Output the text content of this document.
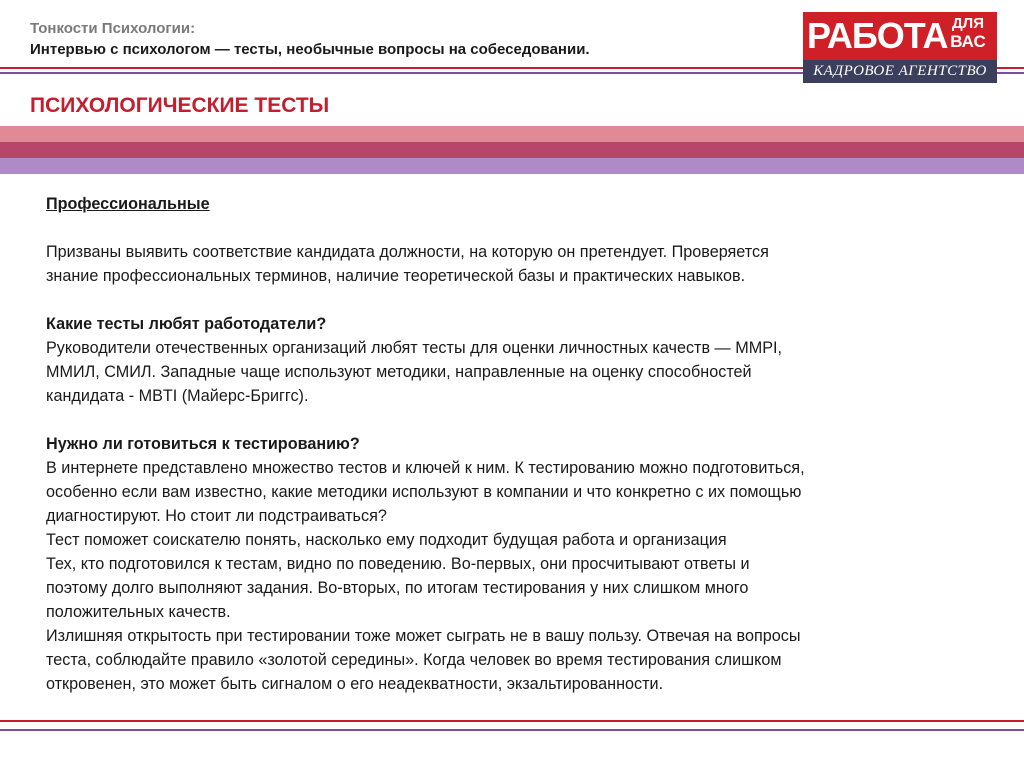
Тонкости Психологии:
Интервью с психологом — тесты, необычные вопросы на собеседовании.	РАБОТА ДЛЯ
ВАС
КАДРОВОЕ АГЕНТСТВО
ПСИХОЛОГИЧЕСКИЕ ТЕСТЫ

Профессиональные

Призваны выявить соответствие кандидата должности, на которую он претендует. Проверяется

знание профессиональных терминов, наличие теоретической базы и практических навыков.

Какие тесты любят работодатели?

Руководители отечественных организаций любят тесты для оценки личностных качеств — MMPI,

ММИЛ, СМИЛ. Западные чаще используют методики, направленные на оценку способностей

кандидата - MBTI (Майерс-Бриггс).

Нужно ли готовиться к тестированию?

В интернете представлено множество тестов и ключей к ним. К тестированию можно подготовиться,

особенно если вам известно, какие методики используют в компании и что конкретно с их помощью

диагностируют. Но стоит ли подстраиваться?

Тест поможет соискателю понять, насколько ему подходит будущая работа и организация

Тех, кто подготовился к тестам, видно по поведению. Во-первых, они просчитывают ответы и

поэтому долго выполняют задания. Во-вторых, по итогам тестирования у них слишком много

положительных качеств.

Излишняя открытость при тестировании тоже может сыграть не в вашу пользу. Отвечая на вопросы

теста, соблюдайте правило «золотой середины». Когда человек во время тестирования слишком

откровенен, это может быть сигналом о его неадекватности, экзальтированности.
